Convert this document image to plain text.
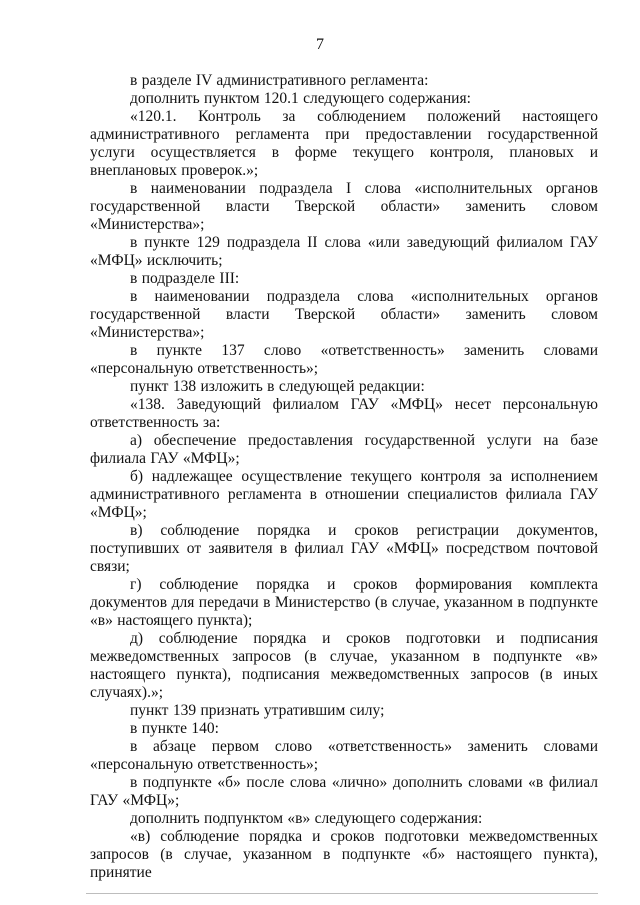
7

в разделе IV административного регламента:

дополнить пунктом 120.1 следующего содержания:

«120.1. Контроль за соблюдением положений настоящего административного регламента при предоставлении государственной услуги осуществляется в форме текущего контроля, плановых и внеплановых проверок.»;

в наименовании подраздела I слова «исполнительных органов государственной власти Тверской области» заменить словом «Министерства»;

в пункте 129 подраздела II слова «или заведующий филиалом ГАУ «МФЦ» исключить;

в подразделе III:

в наименовании подраздела слова «исполнительных органов государственной власти Тверской области» заменить словом «Министерства»;

в пункте 137 слово «ответственность» заменить словами «персональную ответственность»;

пункт 138 изложить в следующей редакции:

«138. Заведующий филиалом ГАУ «МФЦ» несет персональную ответственность за:

а) обеспечение предоставления государственной услуги на базе филиала ГАУ «МФЦ»;

б) надлежащее осуществление текущего контроля за исполнением административного регламента в отношении специалистов филиала ГАУ «МФЦ»;

в) соблюдение порядка и сроков регистрации документов, поступивших от заявителя в филиал ГАУ «МФЦ» посредством почтовой связи;

г) соблюдение порядка и сроков формирования комплекта документов для передачи в Министерство (в случае, указанном в подпункте «в» настоящего пункта);

д) соблюдение порядка и сроков подготовки и подписания межведомственных запросов (в случае, указанном в подпункте «в» настоящего пункта), подписания межведомственных запросов (в иных случаях).»;

пункт 139 признать утратившим силу;

в пункте 140:

в абзаце первом слово «ответственность» заменить словами «персональную ответственность»;

в подпункте «б» после слова «лично» дополнить словами «в филиал ГАУ «МФЦ»;

дополнить подпунктом «в» следующего содержания:

«в) соблюдение порядка и сроков подготовки межведомственных запросов (в случае, указанном в подпункте «б» настоящего пункта), принятие
